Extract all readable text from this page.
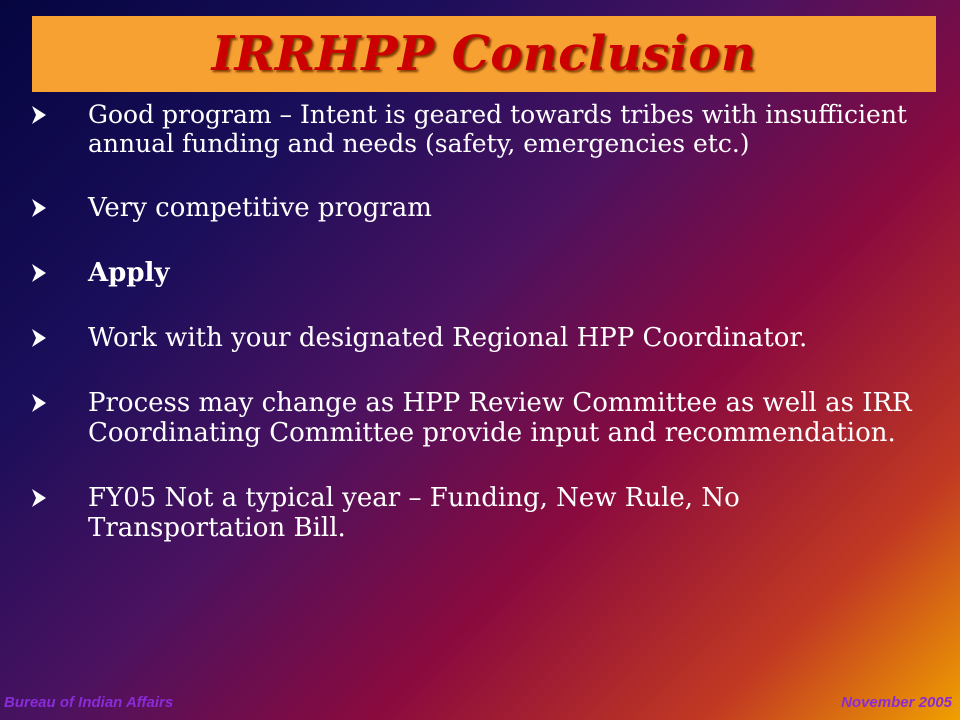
IRRHPP Conclusion
Good program – Intent is geared towards tribes with insufficient annual funding and needs (safety, emergencies etc.)
Very competitive program
Apply
Work with your designated Regional HPP Coordinator.
Process may change as HPP Review Committee as well as IRR Coordinating Committee provide input and recommendation.
FY05 Not a typical year – Funding, New Rule, No Transportation Bill.
Bureau of Indian Affairs	November 2005
